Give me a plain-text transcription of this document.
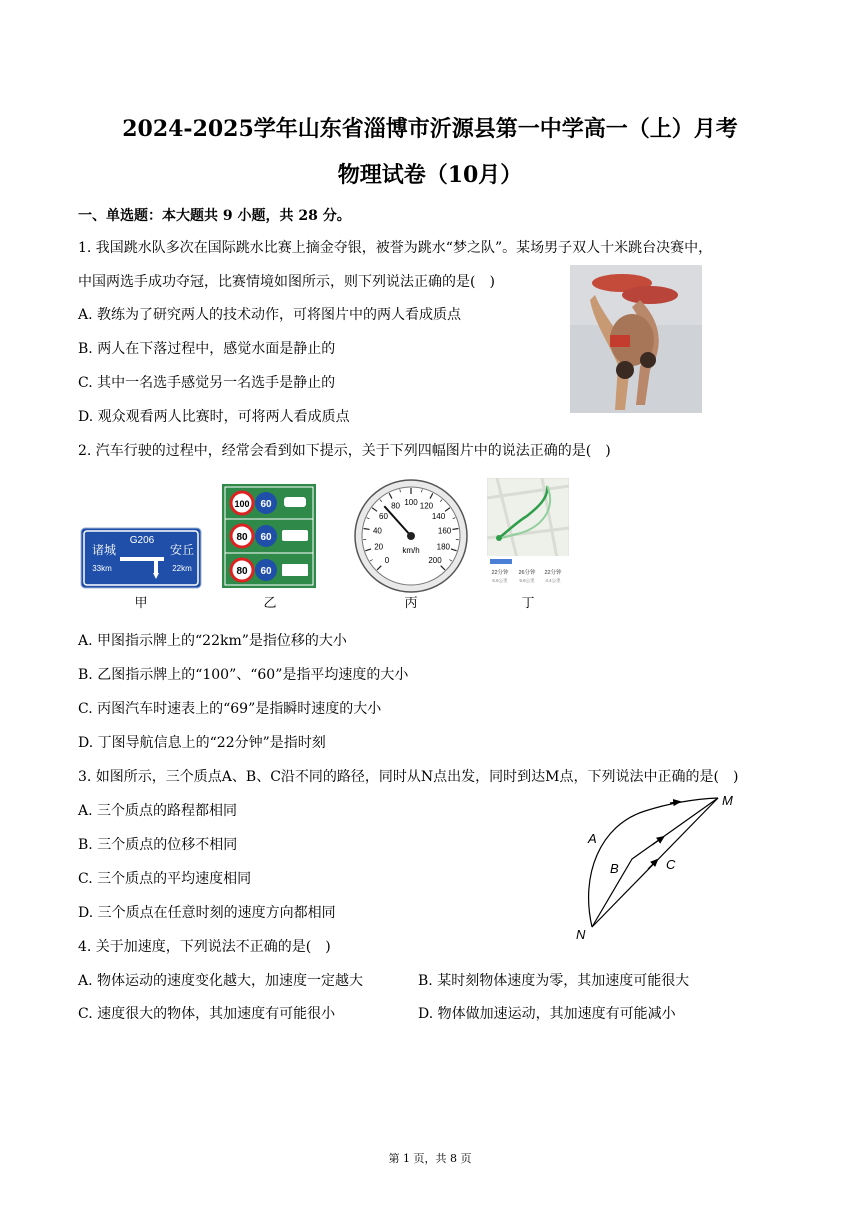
2024-2025学年山东省淄博市沂源县第一中学高一（上）月考
物理试卷（10月）
一、单选题：本大题共 9 小题，共 28 分。
1. 我国跳水队多次在国际跳水比赛上摘金夺银，被誉为跳水“梦之队”。某场男子双人十米跳台决赛中，
中国两选手成功夺冠，比赛情境如图所示，则下列说法正确的是(　)
A. 教练为了研究两人的技术动作，可将图片中的两人看成质点
B. 两人在下落过程中，感觉水面是静止的
C. 其中一名选手感觉另一名选手是静止的
D. 观众观看两人比赛时，可将两人看成质点
2. 汽车行驶的过程中，经常会看到如下提示，关于下列四幅图片中的说法正确的是(　)
G206
诸城
33km
安丘
22km
甲
100 60
80 60
80 60
乙
0
20
40
60
80 100 120
140
160
180
200
km/h
丙
22分钟
6.6公里
26分钟
9.6公里
22分钟
4.4公里
丁
A. 甲图指示牌上的“22km”是指位移的大小
B. 乙图指示牌上的“100”、“60”是指平均速度的大小
C. 丙图汽车时速表上的“69”是指瞬时速度的大小
D. 丁图导航信息上的“22分钟”是指时刻
3. 如图所示，三个质点A、B、C沿不同的路径，同时从N点出发，同时到达M点，下列说法中正确的是(　)
A. 三个质点的路程都相同
B. 三个质点的位移不相同
C. 三个质点的平均速度相同
D. 三个质点在任意时刻的速度方向都相同
A
B	C
M
N
4. 关于加速度，下列说法不正确的是(　)
A. 物体运动的速度变化越大，加速度一定越大	B. 某时刻物体速度为零，其加速度可能很大
C. 速度很大的物体，其加速度有可能很小	D. 物体做加速运动，其加速度有可能减小
第 1 页，共 8 页
